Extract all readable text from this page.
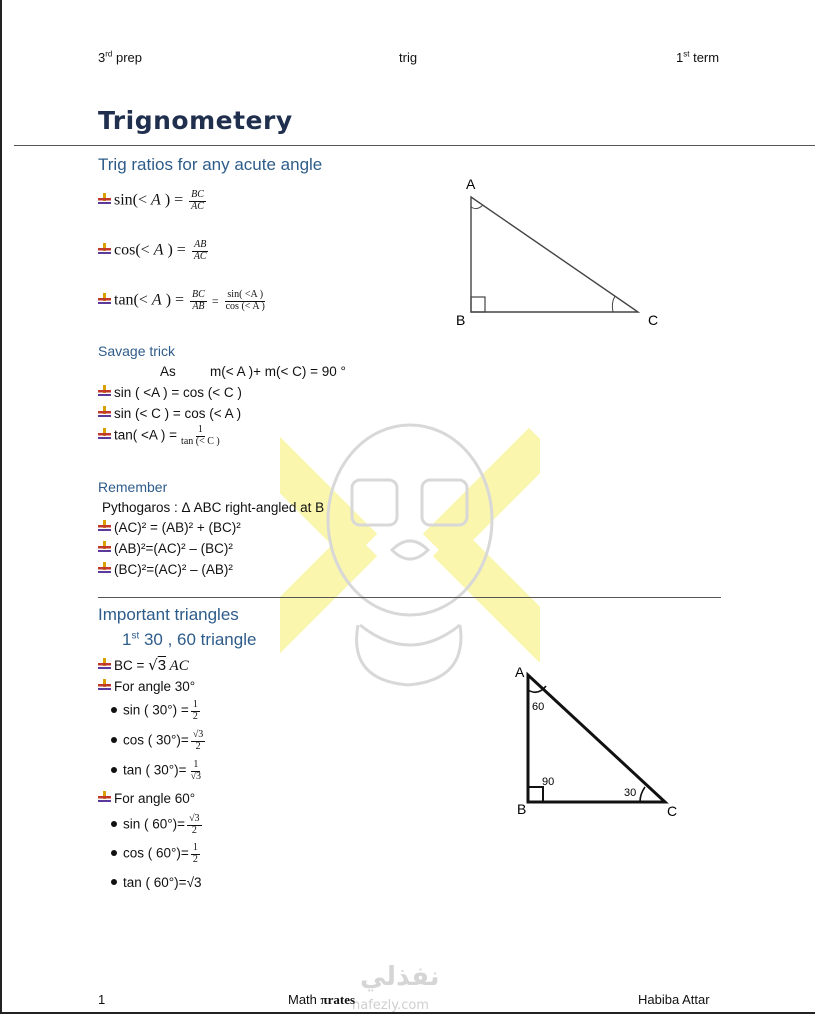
3rd prep	trig	1st term
Trignometery
Trig ratios for any acute angle
sin(< A ) = $\frac{BC}{AC}$
cos(< A ) = $\frac{AB}{AC}$
tan(< A ) = $\frac{BC}{AB} = \frac{\sin( <A )}{\cos (< A )}$
A
B	C
Savage trick
As	m(< A )+ m(< C) = 90 °
sin ( <A ) = cos (< C )
sin (< C ) = cos (< A )
tan( <A ) = $\frac{1}{\tan (< C )}$
Remember
Pythogaros : Δ ABC right-angled at B
(AC)² = (AB)² + (BC)²
(AB)²=(AC)² – (BC)²
(BC)²=(AC)² – (AB)²
Important triangles
1st 30 , 60 triangle
BC = √3 AC
For angle 30°
sin ( $30^\circ) = \frac{1}{2}$
cos ( $30^\circ)= \frac{√3}{2}$
tan ( $30^\circ)= \frac{1}{√3}$
For angle 60°
sin ( $60^\circ)= \frac{√3}{2}$
cos ( $60^\circ)= \frac{1}{2}$
tan ( 60°)=√3
A
B	C
60
90
30
نفذلي
nafezly.com
1	Math πrates	Habiba Attar
